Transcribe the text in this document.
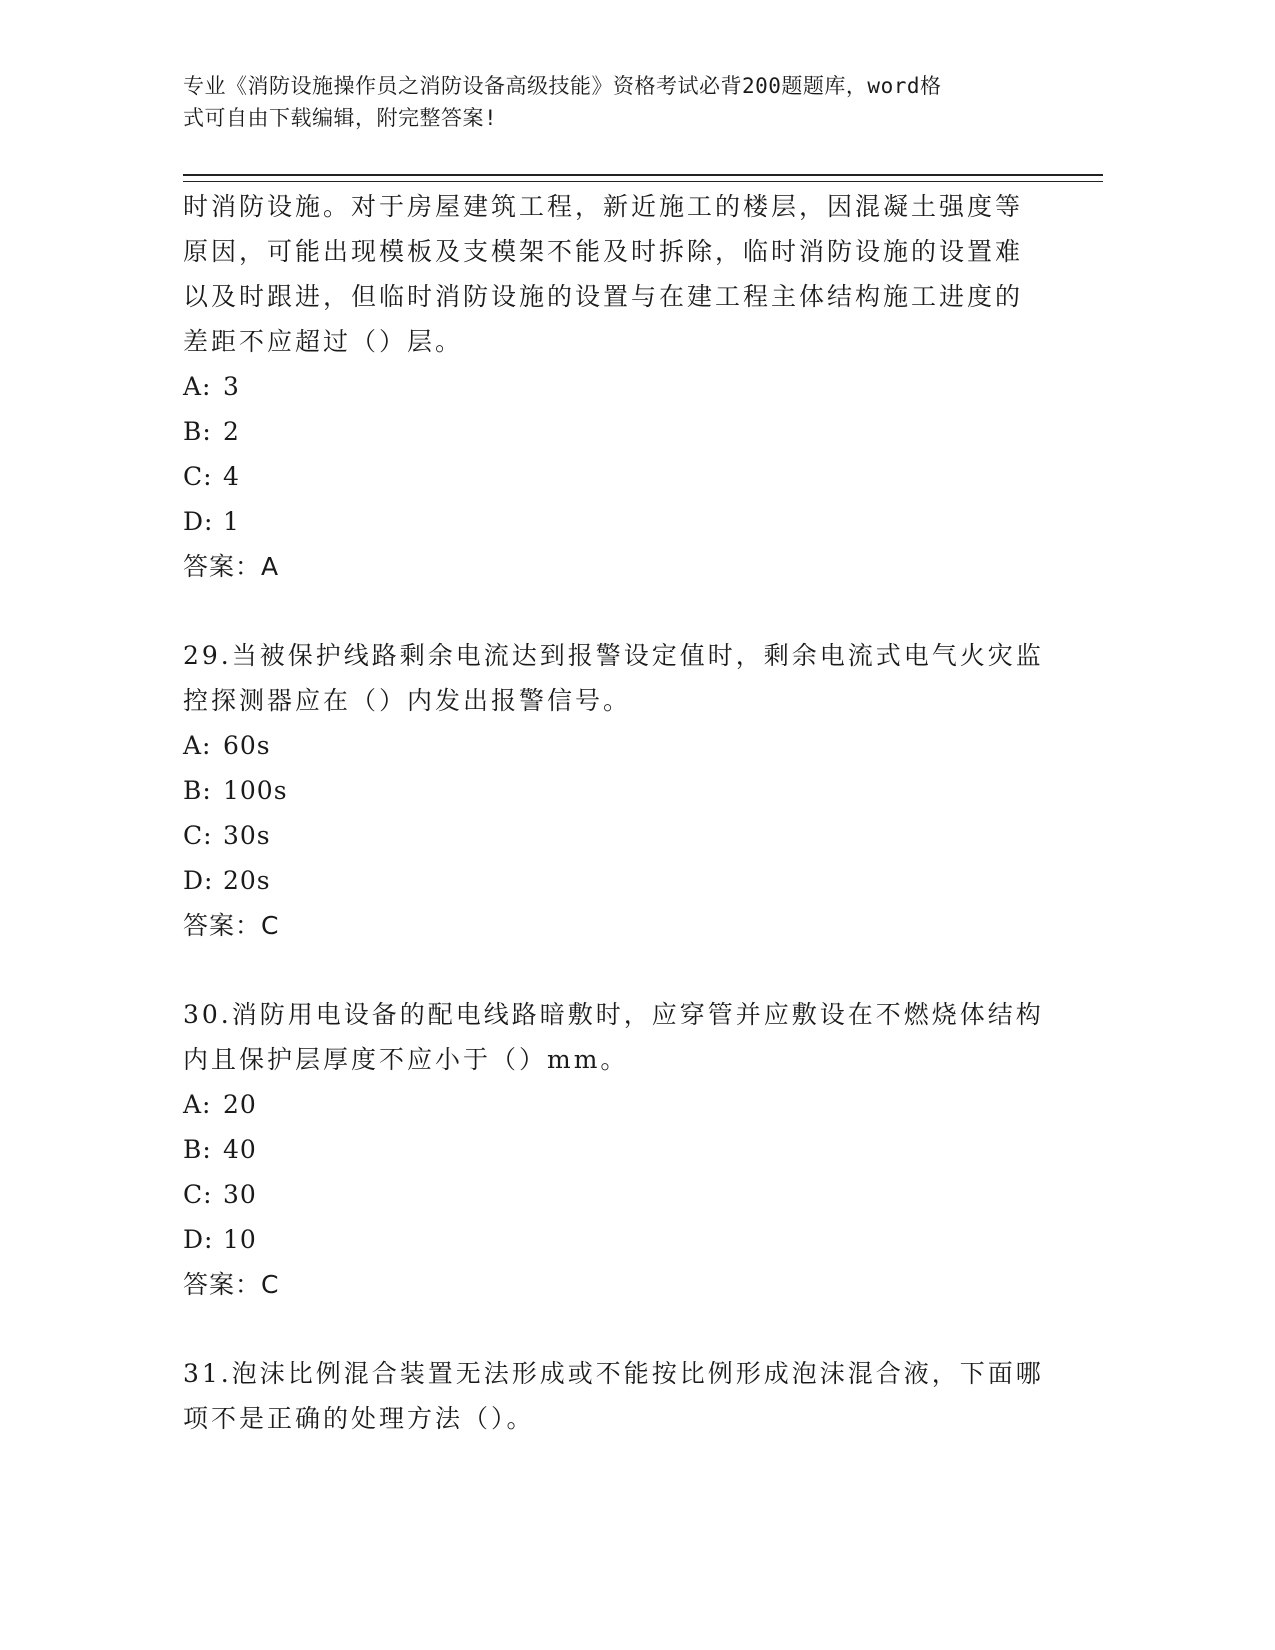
专业《消防设施操作员之消防设备高级技能》资格考试必背200题题库，word格
式可自由下载编辑，附完整答案!

时消防设施。对于房屋建筑工程，新近施工的楼层，因混凝土强度等

原因，可能出现模板及支模架不能及时拆除，临时消防设施的设置难

以及时跟进，但临时消防设施的设置与在建工程主体结构施工进度的

差距不应超过（）层。

A: 3

B: 2

C: 4

D: 1

答案：A

29.当被保护线路剩余电流达到报警设定值时，剩余电流式电气火灾监

控探测器应在（）内发出报警信号。

A: 60s

B: 100s

C: 30s

D: 20s

答案：C

30.消防用电设备的配电线路暗敷时，应穿管并应敷设在不燃烧体结构

内且保护层厚度不应小于（）mm。

A: 20

B: 40

C: 30

D: 10

答案：C

31.泡沫比例混合装置无法形成或不能按比例形成泡沫混合液，下面哪

项不是正确的处理方法（）。
